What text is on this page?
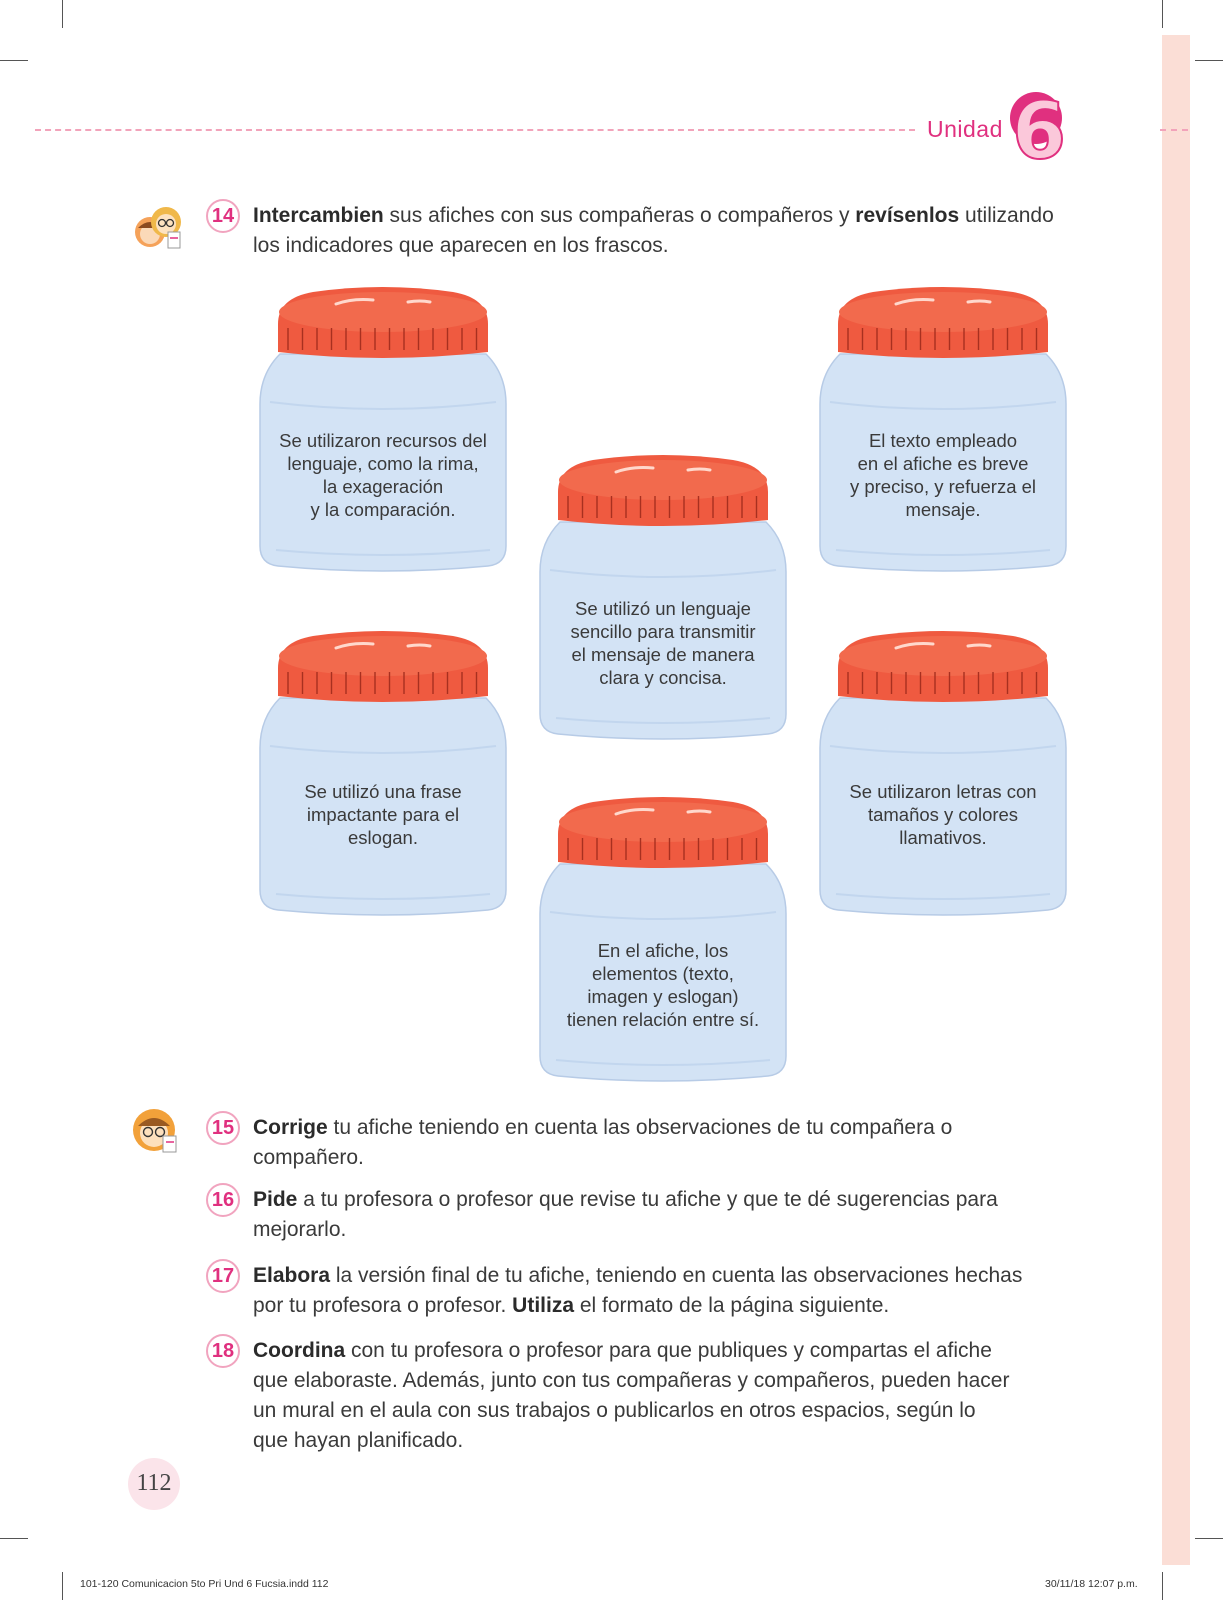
Unidad 6
14 Intercambien sus afiches con sus compañeras o compañeros y revísenlos utilizando los indicadores que aparecen en los frascos.
Se utilizaron recursos del
lenguaje, como la rima,
la exageración
y la comparación.
El texto empleado
en el afiche es breve
y preciso, y refuerza el
mensaje.
Se utilizó un lenguaje
sencillo para transmitir
el mensaje de manera
clara y concisa.
Se utilizó una frase
impactante para el
eslogan.
Se utilizaron letras con
tamaños y colores
llamativos.
En el afiche, los
elementos (texto,
imagen y eslogan)
tienen relación entre sí.
15 Corrige tu afiche teniendo en cuenta las observaciones de tu compañera o compañero.
16 Pide a tu profesora o profesor que revise tu afiche y que te dé sugerencias para mejorarlo.
17 Elabora la versión final de tu afiche, teniendo en cuenta las observaciones hechas por tu profesora o profesor. Utiliza el formato de la página siguiente.
18 Coordina con tu profesora o profesor para que publiques y compartas el afiche que elaboraste. Además, junto con tus compañeras y compañeros, pueden hacer un mural en el aula con sus trabajos o publicarlos en otros espacios, según lo que hayan planificado.
112
101-120 Comunicacion 5to Pri Und 6 Fucsia.indd 112	30/11/18 12:07 p.m.
